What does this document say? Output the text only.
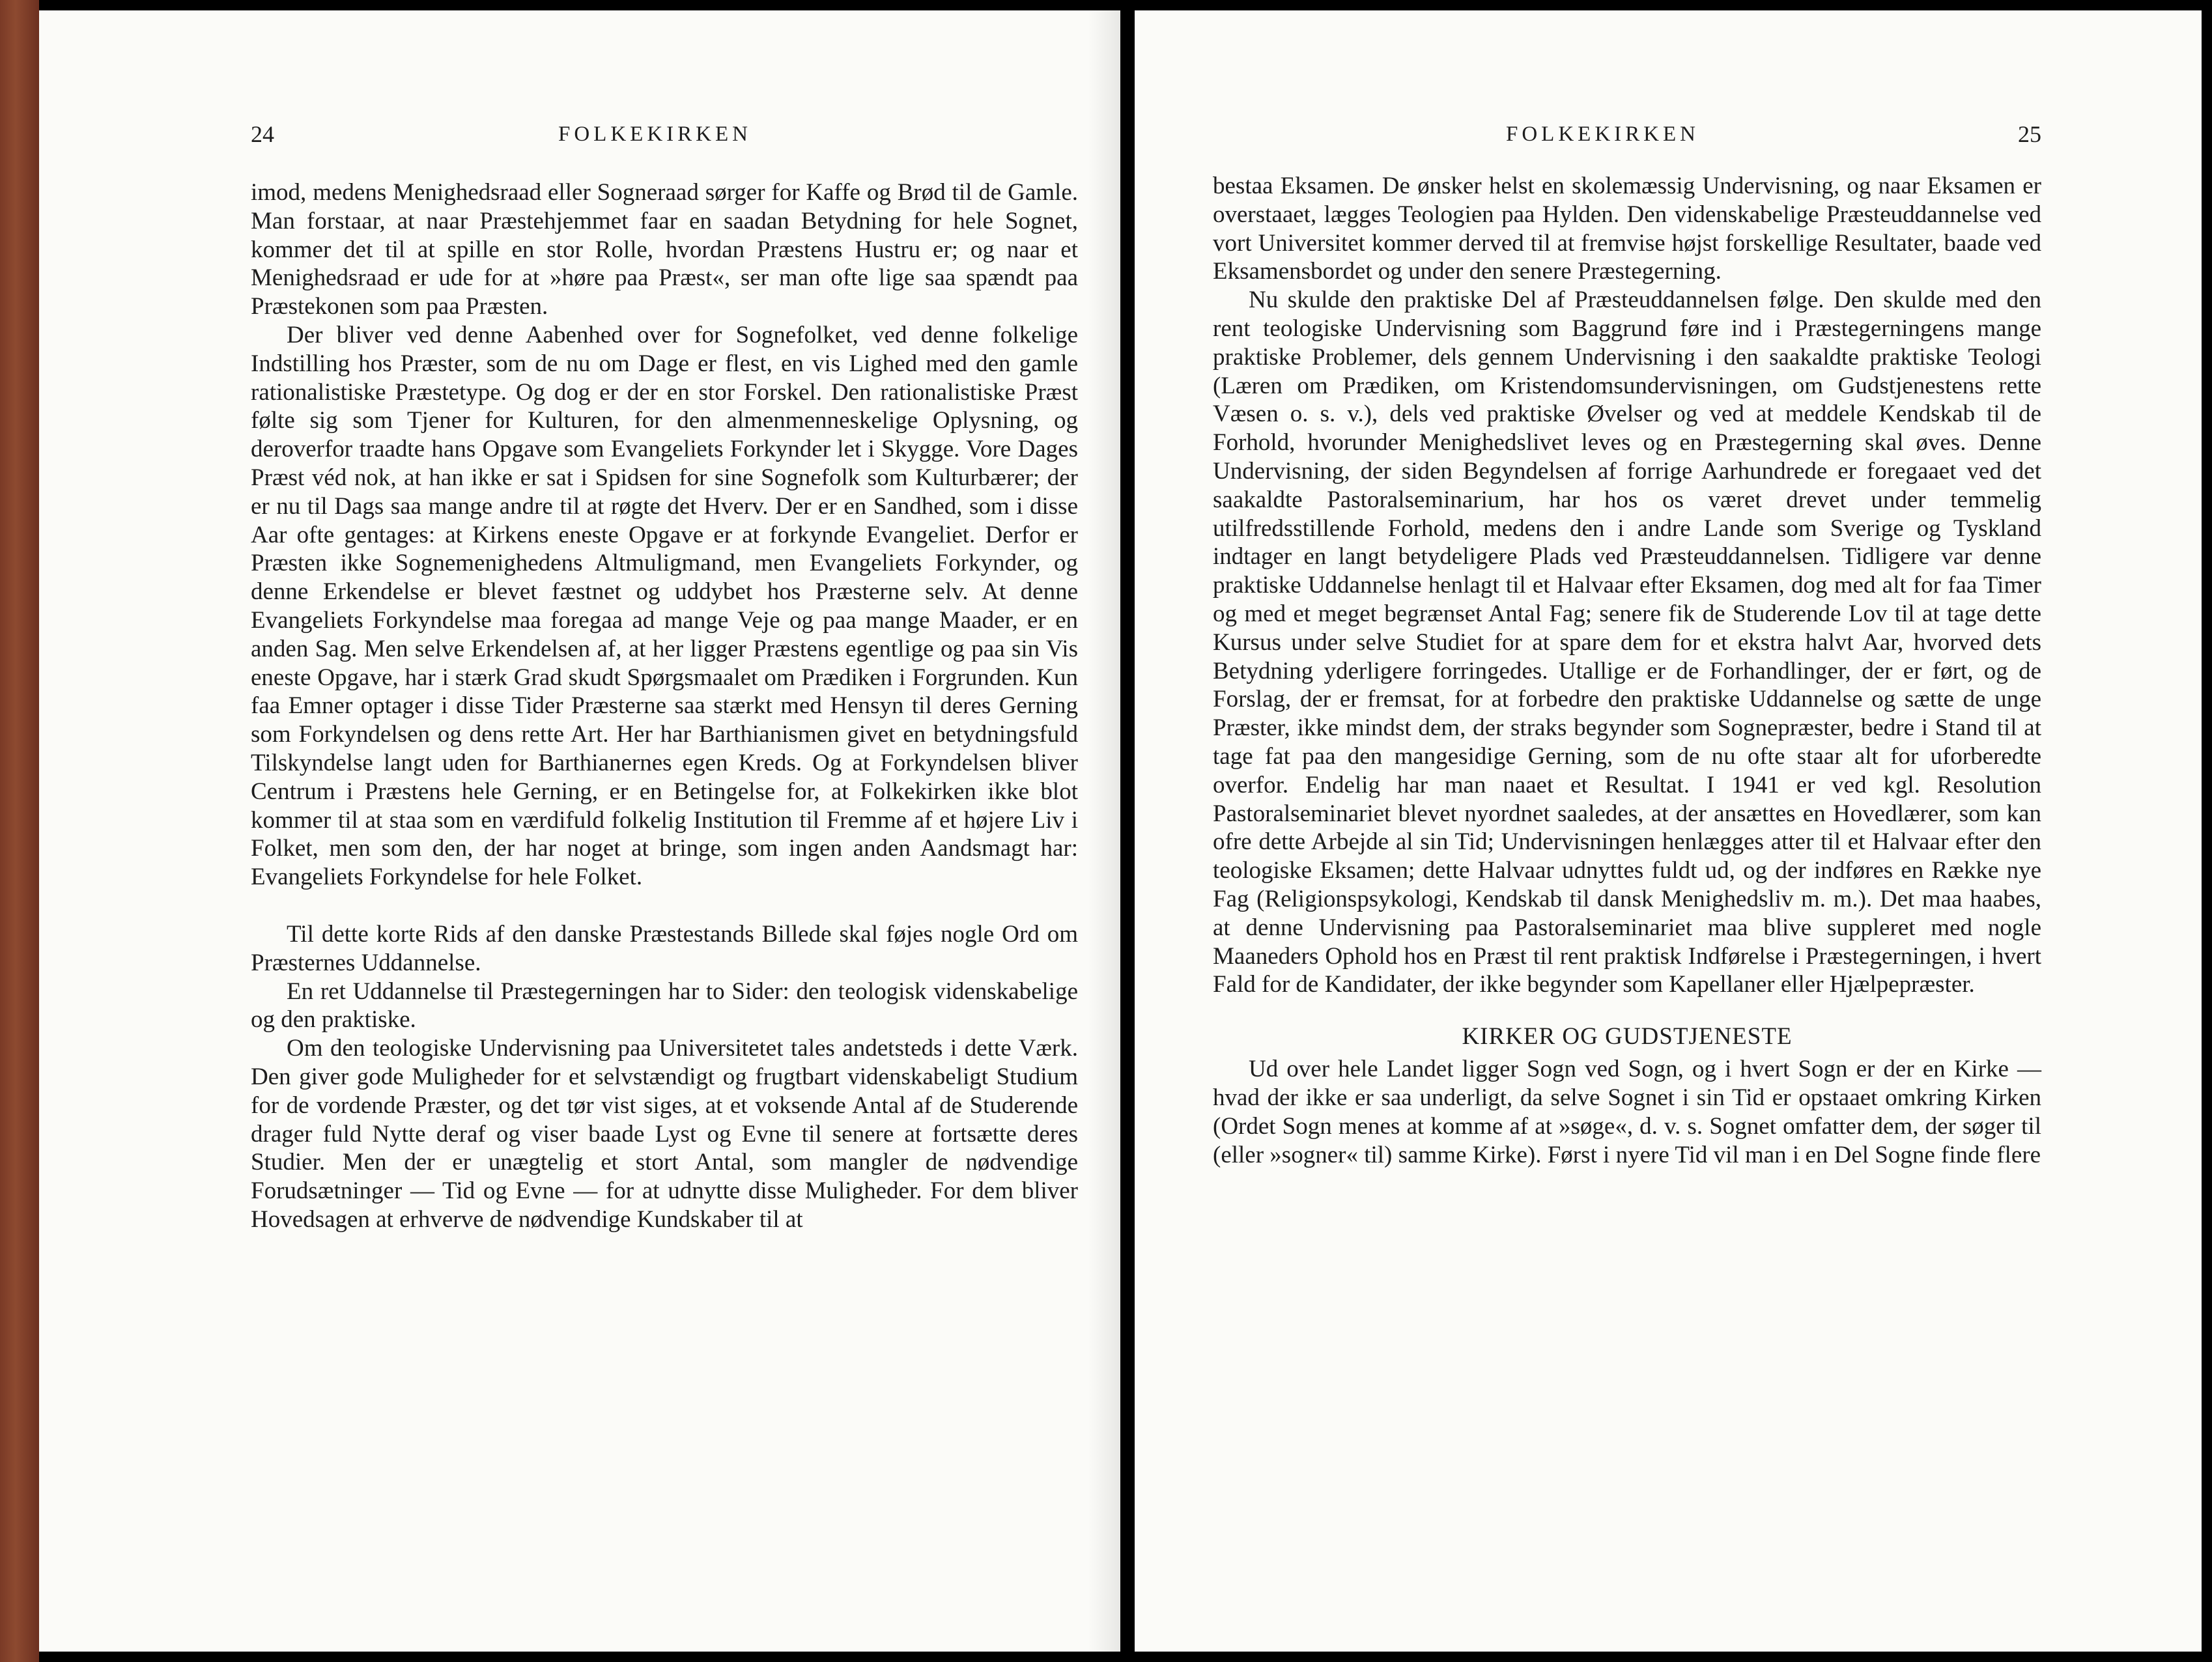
24	FOLKEKIRKEN

imod, medens Menighedsraad eller Sogneraad sørger for Kaffe og Brød til de Gamle. Man forstaar, at naar Præstehjemmet faar en saadan Betydning for hele Sognet, kommer det til at spille en stor Rolle, hvordan Præstens Hustru er; og naar et Menighedsraad er ude for at »høre paa Præst«, ser man ofte lige saa spændt paa Præstekonen som paa Præsten.

Der bliver ved denne Aabenhed over for Sognefolket, ved denne folkelige Indstilling hos Præster, som de nu om Dage er flest, en vis Lighed med den gamle rationalistiske Præstetype. Og dog er der en stor Forskel. Den rationalistiske Præst følte sig som Tjener for Kulturen, for den almenmenneskelige Oplysning, og deroverfor traadte hans Opgave som Evangeliets Forkynder let i Skygge. Vore Dages Præst véd nok, at han ikke er sat i Spidsen for sine Sognefolk som Kulturbærer; der er nu til Dags saa mange andre til at røgte det Hverv. Der er en Sandhed, som i disse Aar ofte gentages: at Kirkens eneste Opgave er at forkynde Evangeliet. Derfor er Præsten ikke Sognemenighedens Altmuligmand, men Evangeliets Forkynder, og denne Erkendelse er blevet fæstnet og uddybet hos Præsterne selv. At denne Evangeliets Forkyndelse maa foregaa ad mange Veje og paa mange Maader, er en anden Sag. Men selve Erkendelsen af, at her ligger Præstens egentlige og paa sin Vis eneste Opgave, har i stærk Grad skudt Spørgsmaalet om Prædiken i Forgrunden. Kun faa Emner optager i disse Tider Præsterne saa stærkt med Hensyn til deres Gerning som Forkyndelsen og dens rette Art. Her har Barthianismen givet en betydningsfuld Tilskyndelse langt uden for Barthianernes egen Kreds. Og at Forkyndelsen bliver Centrum i Præstens hele Gerning, er en Betingelse for, at Folkekirken ikke blot kommer til at staa som en værdifuld folkelig Institution til Fremme af et højere Liv i Folket, men som den, der har noget at bringe, som ingen anden Aandsmagt har: Evangeliets Forkyndelse for hele Folket.

Til dette korte Rids af den danske Præstestands Billede skal føjes nogle Ord om Præsternes Uddannelse.

En ret Uddannelse til Præstegerningen har to Sider: den teologisk videnskabelige og den praktiske.

Om den teologiske Undervisning paa Universitetet tales andetsteds i dette Værk. Den giver gode Muligheder for et selvstændigt og frugtbart videnskabeligt Studium for de vordende Præster, og det tør vist siges, at et voksende Antal af de Studerende drager fuld Nytte deraf og viser baade Lyst og Evne til senere at fortsætte deres Studier. Men der er unægtelig et stort Antal, som mangler de nødvendige Forudsætninger — Tid og Evne — for at udnytte disse Muligheder. For dem bliver Hovedsagen at erhverve de nødvendige Kundskaber til at

FOLKEKIRKEN	25

bestaa Eksamen. De ønsker helst en skolemæssig Undervisning, og naar Eksamen er overstaaet, lægges Teologien paa Hylden. Den videnskabelige Præsteuddannelse ved vort Universitet kommer derved til at fremvise højst forskellige Resultater, baade ved Eksamensbordet og under den senere Præstegerning.

Nu skulde den praktiske Del af Præsteuddannelsen følge. Den skulde med den rent teologiske Undervisning som Baggrund føre ind i Præstegerningens mange praktiske Problemer, dels gennem Undervisning i den saakaldte praktiske Teologi (Læren om Prædiken, om Kristendomsundervisningen, om Gudstjenestens rette Væsen o. s. v.), dels ved praktiske Øvelser og ved at meddele Kendskab til de Forhold, hvorunder Menighedslivet leves og en Præstegerning skal øves. Denne Undervisning, der siden Begyndelsen af forrige Aarhundrede er foregaaet ved det saakaldte Pastoralseminarium, har hos os været drevet under temmelig utilfredsstillende Forhold, medens den i andre Lande som Sverige og Tyskland indtager en langt betydeligere Plads ved Præsteuddannelsen. Tidligere var denne praktiske Uddannelse henlagt til et Halvaar efter Eksamen, dog med alt for faa Timer og med et meget begrænset Antal Fag; senere fik de Studerende Lov til at tage dette Kursus under selve Studiet for at spare dem for et ekstra halvt Aar, hvorved dets Betydning yderligere forringedes. Utallige er de Forhandlinger, der er ført, og de Forslag, der er fremsat, for at forbedre den praktiske Uddannelse og sætte de unge Præster, ikke mindst dem, der straks begynder som Sognepræster, bedre i Stand til at tage fat paa den mangesidige Gerning, som de nu ofte staar alt for uforberedte overfor. Endelig har man naaet et Resultat. I 1941 er ved kgl. Resolution Pastoralseminariet blevet nyordnet saaledes, at der ansættes en Hovedlærer, som kan ofre dette Arbejde al sin Tid; Undervisningen henlægges atter til et Halvaar efter den teologiske Eksamen; dette Halvaar udnyttes fuldt ud, og der indføres en Række nye Fag (Religionspsykologi, Kendskab til dansk Menighedsliv m. m.). Det maa haabes, at denne Undervisning paa Pastoralseminariet maa blive suppleret med nogle Maaneders Ophold hos en Præst til rent praktisk Indførelse i Præstegerningen, i hvert Fald for de Kandidater, der ikke begynder som Kapellaner eller Hjælpepræster.

KIRKER OG GUDSTJENESTE

Ud over hele Landet ligger Sogn ved Sogn, og i hvert Sogn er der en Kirke — hvad der ikke er saa underligt, da selve Sognet i sin Tid er opstaaet omkring Kirken (Ordet Sogn menes at komme af at »søge«, d. v. s. Sognet omfatter dem, der søger til (eller »sogner« til) samme Kirke). Først i nyere Tid vil man i en Del Sogne finde flere
